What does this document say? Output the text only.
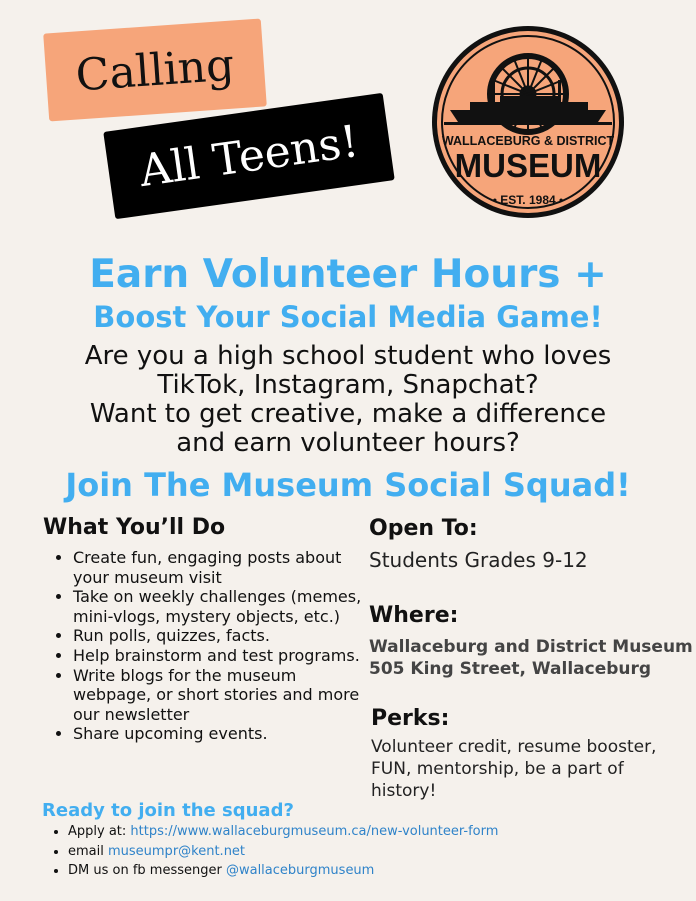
Calling
All Teens!	WALLACEBURG & DISTRICT
MUSEUM
• EST. 1984 •
Earn Volunteer Hours +
Boost Your Social Media Game!
Are you a high school student who loves
TikTok, Instagram, Snapchat?
Want to get creative, make a difference
and earn volunteer hours?
Join The Museum Social Squad!
What You’ll Do
• Create fun, engaging posts about your museum visit
• Take on weekly challenges (memes, mini-vlogs, mystery objects, etc.)
• Run polls, quizzes, facts.
• Help brainstorm and test programs.
• Write blogs for the museum webpage, or short stories and more our newsletter
• Share upcoming events.
Open To:
Students Grades 9-12
Where:
Wallaceburg and District Museum
505 King Street, Wallaceburg
Perks:
Volunteer credit, resume booster, FUN, mentorship, be a part of history!
Ready to join the squad?
• Apply at: https://www.wallaceburgmuseum.ca/new-volunteer-form
• email museumpr@kent.net
• DM us on fb messenger @wallaceburgmuseum
